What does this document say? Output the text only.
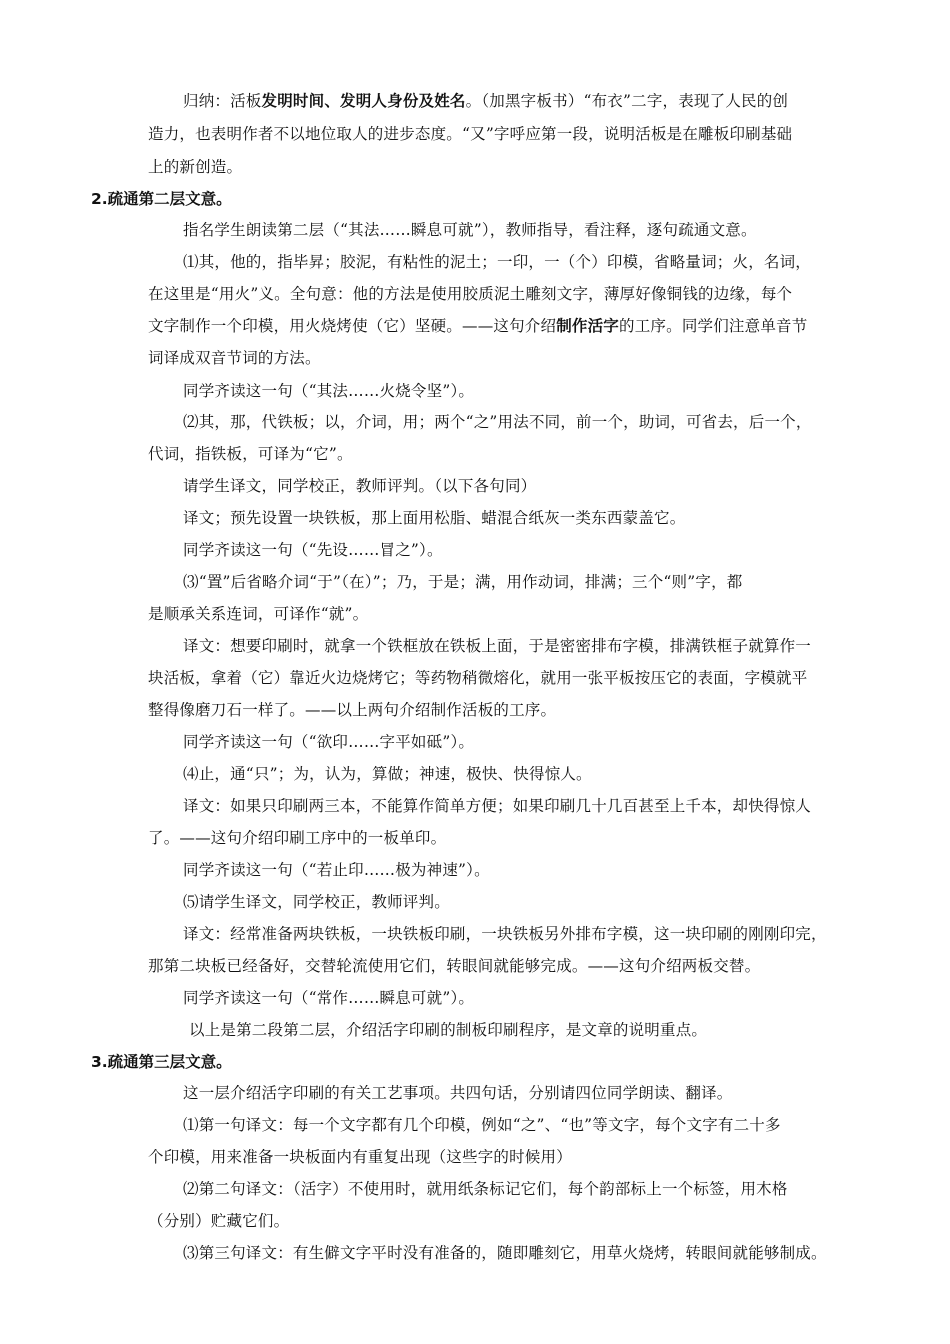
归纳：活板发明时间、发明人身份及姓名。（加黑字板书）“布衣”二字，表现了人民的创
造力，也表明作者不以地位取人的进步态度。“又”字呼应第一段，说明活板是在雕板印刷基础
上的新创造。
2.疏通第二层文意。
指名学生朗读第二层（“其法……瞬息可就”），教师指导，看注释，逐句疏通文意。
⑴其，他的，指毕昇；胶泥，有粘性的泥土；一印，一（个）印模，省略量词；火，名词，
在这里是“用火”义。全句意：他的方法是使用胶质泥土雕刻文字，薄厚好像铜钱的边缘，每个
文字制作一个印模，用火烧烤使（它）坚硬。——这句介绍制作活字的工序。同学们注意单音节
词译成双音节词的方法。
同学齐读这一句（“其法……火烧令坚”）。
⑵其，那，代铁板；以，介词，用；两个“之”用法不同，前一个，助词，可省去，后一个，
代词，指铁板，可译为“它”。
请学生译文，同学校正，教师评判。（以下各句同）
译文；预先设置一块铁板，那上面用松脂、蜡混合纸灰一类东西蒙盖它。
同学齐读这一句（“先设……冒之”）。
⑶“置”后省略介词“于”（在）”；乃，于是；满，用作动词，排满；三个“则”字，都
是顺承关系连词，可译作“就”。
译文：想要印刷时，就拿一个铁框放在铁板上面，于是密密排布字模，排满铁框子就算作一
块活板，拿着（它）靠近火边烧烤它；等药物稍微熔化，就用一张平板按压它的表面，字模就平
整得像磨刀石一样了。——以上两句介绍制作活板的工序。
同学齐读这一句（“欲印……字平如砥”）。
⑷止，通“只”；为，认为，算做；神速，极快、快得惊人。
译文：如果只印刷两三本，不能算作简单方便；如果印刷几十几百甚至上千本，却快得惊人
了。——这句介绍印刷工序中的一板单印。
同学齐读这一句（“若止印……极为神速”）。
⑸请学生译文，同学校正，教师评判。
译文：经常准备两块铁板，一块铁板印刷，一块铁板另外排布字模，这一块印刷的刚刚印完，
那第二块板已经备好，交替轮流使用它们，转眼间就能够完成。——这句介绍两板交替。
同学齐读这一句（“常作……瞬息可就”）。
以上是第二段第二层，介绍活字印刷的制板印刷程序，是文章的说明重点。
3.疏通第三层文意。
这一层介绍活字印刷的有关工艺事项。共四句话，分别请四位同学朗读、翻译。
⑴第一句译文：每一个文字都有几个印模，例如“之”、“也”等文字，每个文字有二十多
个印模，用来准备一块板面内有重复出现（这些字的时候用）
⑵第二句译文：（活字）不使用时，就用纸条标记它们，每个韵部标上一个标签，用木格
（分别）贮藏它们。
⑶第三句译文：有生僻文字平时没有准备的，随即雕刻它，用草火烧烤，转眼间就能够制成。
